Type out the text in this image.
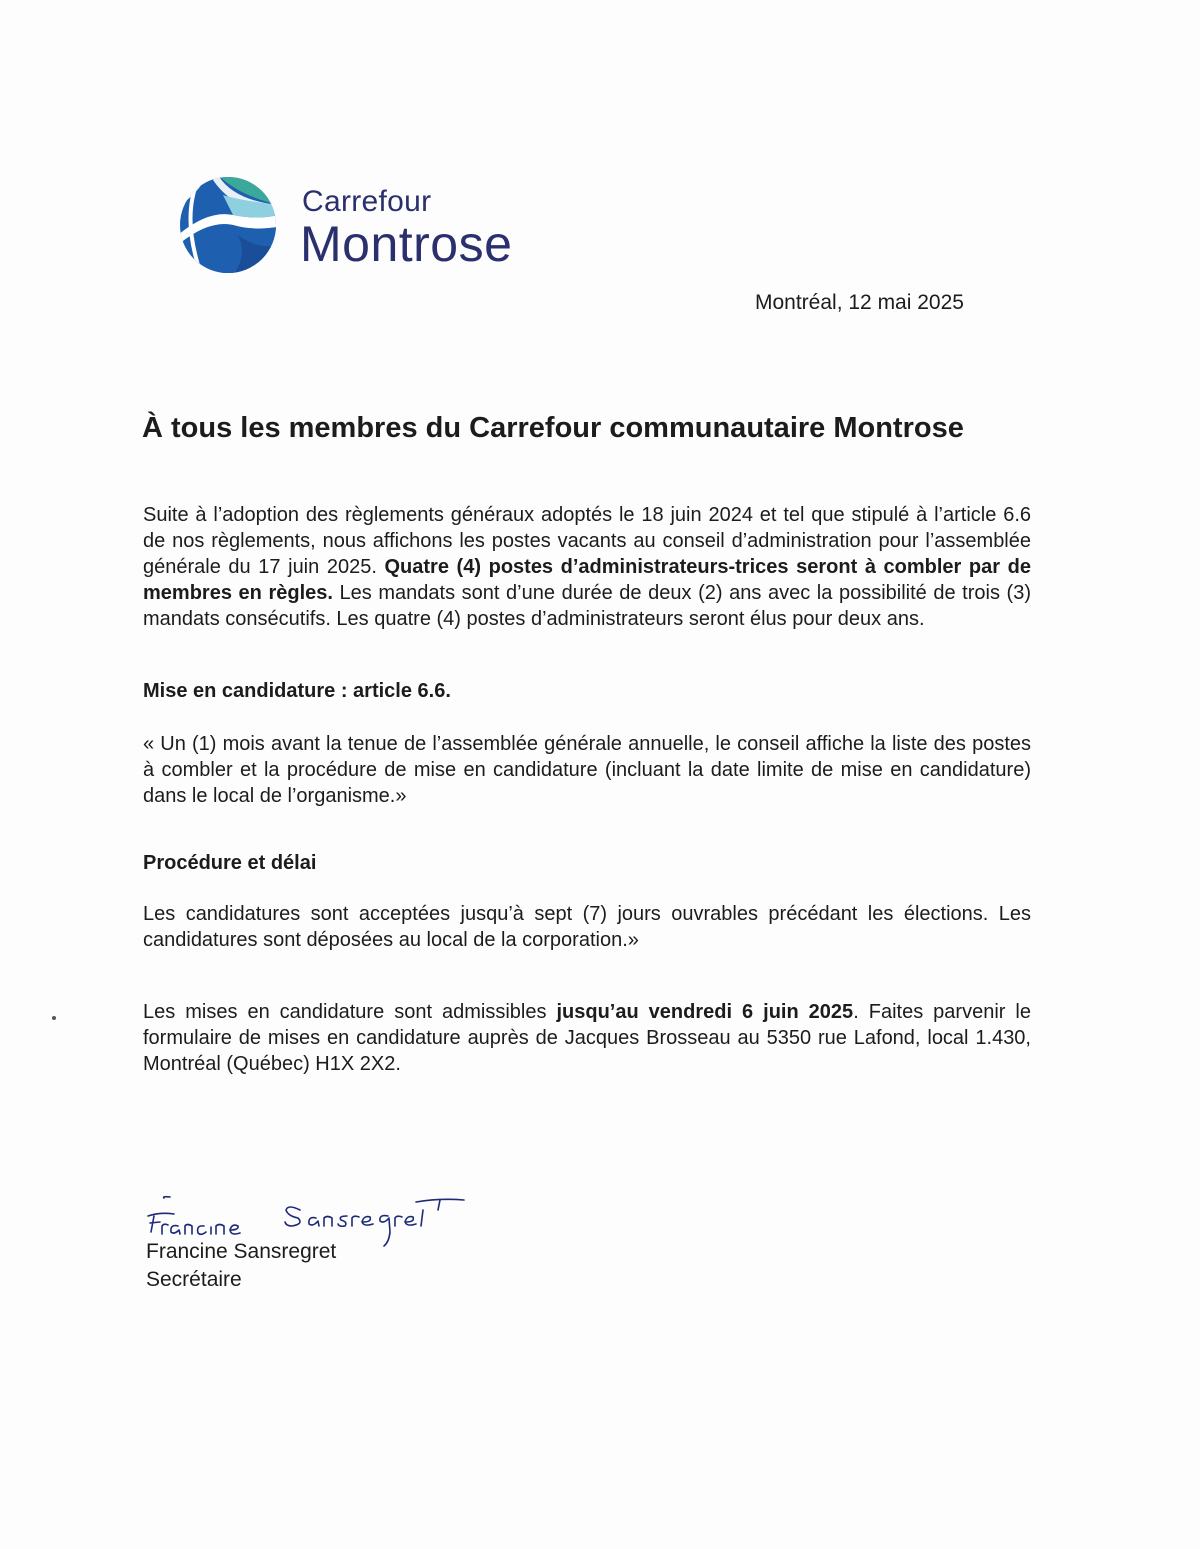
Carrefour
Montrose
Montréal, 12 mai 2025
À tous les membres du Carrefour communautaire Montrose
Suite à l’adoption des règlements généraux adoptés le 18 juin 2024 et tel que stipulé à l’article 6.6 de nos règlements, nous affichons les postes vacants au conseil d’administration pour l’assemblée générale du 17 juin 2025. Quatre (4) postes d’administrateurs-trices seront à combler par de membres en règles. Les mandats sont d’une durée de deux (2) ans avec la possibilité de trois (3) mandats consécutifs. Les quatre (4) postes d’administrateurs seront élus pour deux ans.
Mise en candidature : article 6.6.
« Un (1) mois avant la tenue de l’assemblée générale annuelle, le conseil affiche la liste des postes à combler et la procédure de mise en candidature (incluant la date limite de mise en candidature) dans le local de l’organisme.»
Procédure et délai
Les candidatures sont acceptées jusqu’à sept (7) jours ouvrables précédant les élections. Les candidatures sont déposées au local de la corporation.»
Les mises en candidature sont admissibles jusqu’au vendredi 6 juin 2025. Faites parvenir le formulaire de mises en candidature auprès de Jacques Brosseau au 5350 rue Lafond, local 1.430, Montréal (Québec) H1X 2X2.
Francine Sansregret
Secrétaire
